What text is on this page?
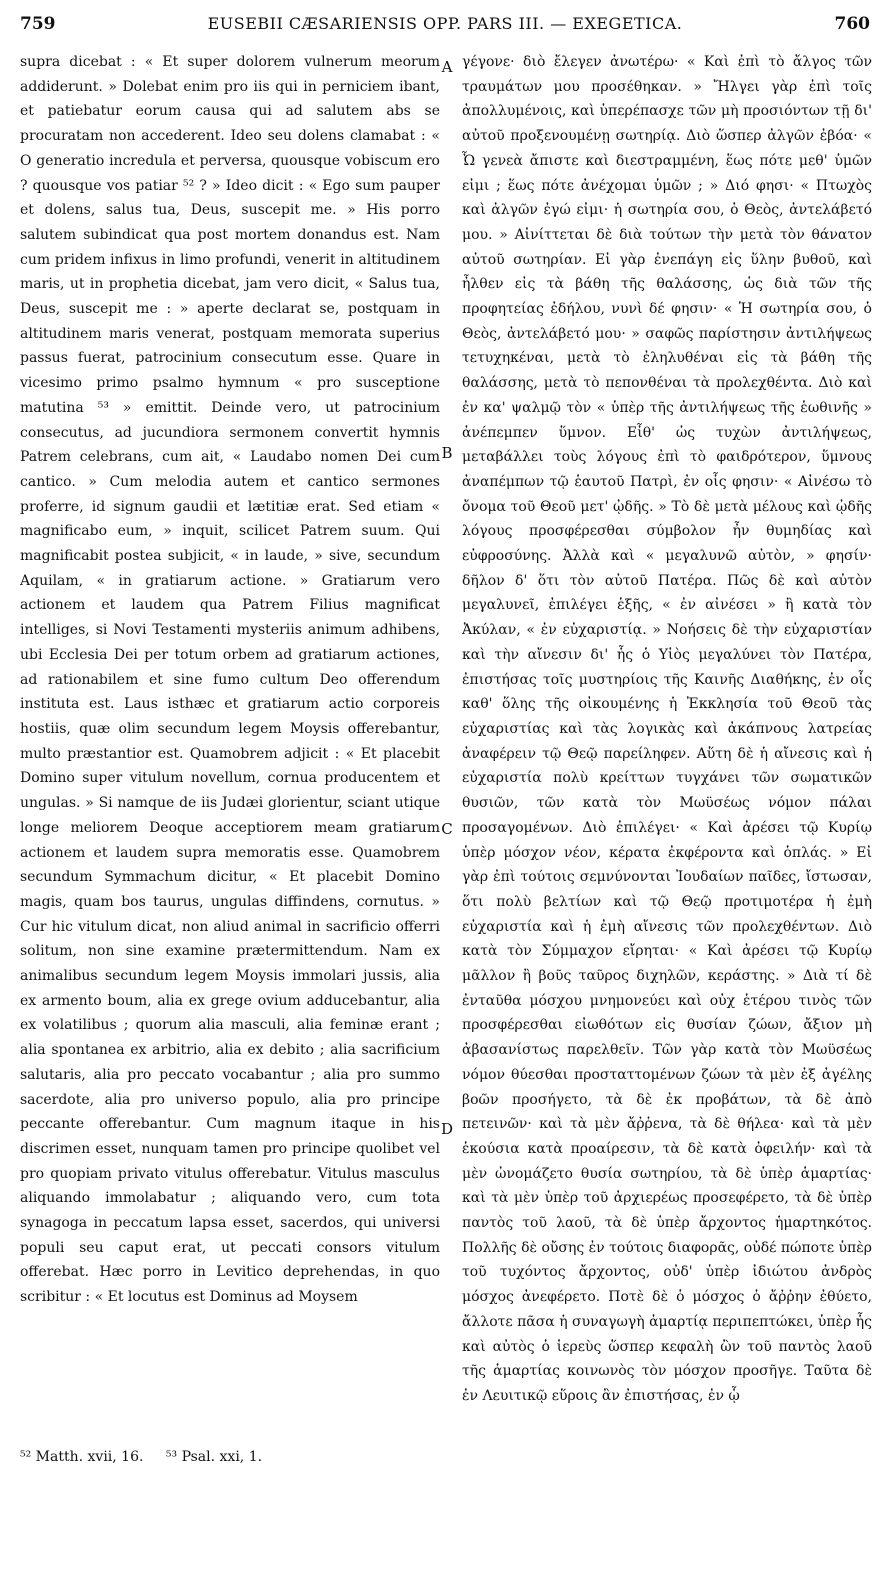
759	EUSEBII CÆSARIENSIS OPP. PARS III. — EXEGETICA.	760

supra dicebat : « Et super dolorem vulnerum meorum addiderunt. » Dolebat enim pro iis qui in perniciem ibant, et patiebatur eorum causa qui ad salutem abs se procuratam non accederent. Ideo seu dolens clamabat : « O generatio incredula et perversa, quousque vobiscum ero ? quousque vos patiar ⁵² ? » Ideo dicit : « Ego sum pauper et dolens, salus tua, Deus, suscepit me. » His porro salutem subindicat qua post mortem donandus est. Nam cum pridem infixus in limo profundi, venerit in altitudinem maris, ut in prophetia dicebat, jam vero dicit, « Salus tua, Deus, suscepit me : » aperte declarat se, postquam in altitudinem maris venerat, postquam memorata superius passus fuerat, patrocinium consecutum esse. Quare in vicesimo primo psalmo hymnum « pro susceptione matutina ⁵³ » emittit. Deinde vero, ut patrocinium consecutus, ad jucundiora sermonem convertit hymnis Patrem celebrans, cum ait, « Laudabo nomen Dei cum cantico. » Cum melodia autem et cantico sermones proferre, id signum gaudii et lætitiæ erat. Sed etiam « magnificabo eum, » inquit, scilicet Patrem suum. Qui magnificabit postea subjicit, « in laude, » sive, secundum Aquilam, « in gratiarum actione. » Gratiarum vero actionem et laudem qua Patrem Filius magnificat intelliges, si Novi Testamenti mysteriis animum adhibens, ubi Ecclesia Dei per totum orbem ad gratiarum actiones, ad rationabilem et sine fumo cultum Deo offerendum instituta est. Laus isthæc et gratiarum actio corporeis hostiis, quæ olim secundum legem Moysis offerebantur, multo præstantior est. Quamobrem adjicit : « Et placebit Domino super vitulum novellum, cornua producentem et ungulas. » Si namque de iis Judæi glorientur, sciant utique longe meliorem Deoque acceptiorem meam gratiarum actionem et laudem supra memoratis esse. Quamobrem secundum Symmachum dicitur, « Et placebit Domino magis, quam bos taurus, ungulas diffindens, cornutus. » Cur hic vitulum dicat, non aliud animal in sacrificio offerri solitum, non sine examine prætermittendum. Nam ex animalibus secundum legem Moysis immolari jussis, alia ex armento boum, alia ex grege ovium adducebantur, alia ex volatilibus ; quorum alia masculi, alia feminæ erant ; alia spontanea ex arbitrio, alia ex debito ; alia sacrificium salutaris, alia pro peccato vocabantur ; alia pro summo sacerdote, alia pro universo populo, alia pro principe peccante offerebantur. Cum magnum itaque in his discrimen esset, nunquam tamen pro principe quolibet vel pro quopiam privato vitulus offerebatur. Vitulus masculus aliquando immolabatur ; aliquando vero, cum tota synagoga in peccatum lapsa esset, sacerdos, qui universi populi seu caput erat, ut peccati consors vitulum offerebat. Hæc porro in Levitico deprehendas, in quo scribitur : « Et locutus est Dominus ad Moysem

A
B
C
D

γέγονε· διὸ ἔλεγεν ἀνωτέρω· « Καὶ ἐπὶ τὸ ἄλγος τῶν τραυμάτων μου προσέθηκαν. » Ἤλγει γὰρ ἐπὶ τοῖς ἀπολλυμένοις, καὶ ὑπερέπασχε τῶν μὴ προσιόντων τῇ δι' αὐτοῦ προξενουμένῃ σωτηρίᾳ. Διὸ ὥσπερ ἀλγῶν ἐβόα· « Ὦ γενεὰ ἄπιστε καὶ διεστραμμένη, ἕως πότε μεθ' ὑμῶν εἰμι ; ἕως πότε ἀνέχομαι ὑμῶν ; » Διό φησι· « Πτωχὸς καὶ ἀλγῶν ἐγώ εἰμι· ἡ σωτηρία σου, ὁ Θεὸς, ἀντελάβετό μου. » Αἰνίττεται δὲ διὰ τούτων τὴν μετὰ τὸν θάνατον αὐτοῦ σωτηρίαν. Εἰ γὰρ ἐνεπάγη εἰς ὕλην βυθοῦ, καὶ ἦλθεν εἰς τὰ βάθη τῆς θαλάσσης, ὡς διὰ τῶν τῆς προφητείας ἐδήλου, νυνὶ δέ φησιν· « Ἡ σωτηρία σου, ὁ Θεὸς, ἀντελάβετό μου· » σαφῶς παρίστησιν ἀντιλήψεως τετυχηκέναι, μετὰ τὸ ἐληλυθέναι εἰς τὰ βάθη τῆς θαλάσσης, μετὰ τὸ πεπονθέναι τὰ προλεχθέντα. Διὸ καὶ ἐν κα' ψαλμῷ τὸν « ὑπὲρ τῆς ἀντιλήψεως τῆς ἑωθινῆς » ἀνέπεμπεν ὕμνον. Εἶθ' ὡς τυχὼν ἀντιλήψεως, μεταβάλλει τοὺς λόγους ἐπὶ τὸ φαιδρότερον, ὕμνους ἀναπέμπων τῷ ἑαυτοῦ Πατρὶ, ἐν οἷς φησιν· « Αἰνέσω τὸ ὄνομα τοῦ Θεοῦ μετ' ᾠδῆς. » Τὸ δὲ μετὰ μέλους καὶ ᾠδῆς λόγους προσφέρεσθαι σύμβολον ἦν θυμηδίας καὶ εὐφροσύνης. Ἀλλὰ καὶ « μεγαλυνῶ αὐτὸν, » φησίν· δῆλον δ' ὅτι τὸν αὐτοῦ Πατέρα. Πῶς δὲ καὶ αὐτὸν μεγαλυνεῖ, ἐπιλέγει ἑξῆς, « ἐν αἰνέσει » ἢ κατὰ τὸν Ἀκύλαν, « ἐν εὐχαριστίᾳ. » Νοήσεις δὲ τὴν εὐχαριστίαν καὶ τὴν αἴνεσιν δι' ἧς ὁ Υἱὸς μεγαλύνει τὸν Πατέρα, ἐπιστήσας τοῖς μυστηρίοις τῆς Καινῆς Διαθήκης, ἐν οἷς καθ' ὅλης τῆς οἰκουμένης ἡ Ἐκκλησία τοῦ Θεοῦ τὰς εὐχαριστίας καὶ τὰς λογικὰς καὶ ἀκάπνους λατρείας ἀναφέρειν τῷ Θεῷ παρείληφεν. Αὕτη δὲ ἡ αἴνεσις καὶ ἡ εὐχαριστία πολὺ κρείττων τυγχάνει τῶν σωματικῶν θυσιῶν, τῶν κατὰ τὸν Μωϋσέως νόμον πάλαι προσαγομένων. Διὸ ἐπιλέγει· « Καὶ ἀρέσει τῷ Κυρίῳ ὑπὲρ μόσχον νέον, κέρατα ἐκφέροντα καὶ ὁπλάς. » Εἰ γὰρ ἐπὶ τούτοις σεμνύνονται Ἰουδαίων παῖδες, ἴστωσαν, ὅτι πολὺ βελτίων καὶ τῷ Θεῷ προτιμοτέρα ἡ ἐμὴ εὐχαριστία καὶ ἡ ἐμὴ αἴνεσις τῶν προλεχθέντων. Διὸ κατὰ τὸν Σύμμαχον εἴρηται· « Καὶ ἀρέσει τῷ Κυρίῳ μᾶλλον ἢ βοῦς ταῦρος διχηλῶν, κεράστης. » Διὰ τί δὲ ἐνταῦθα μόσχου μνημονεύει καὶ οὐχ ἑτέρου τινὸς τῶν προσφέρεσθαι εἰωθότων εἰς θυσίαν ζώων, ἄξιον μὴ ἀβασανίστως παρελθεῖν. Τῶν γὰρ κατὰ τὸν Μωϋσέως νόμον θύεσθαι προσταττομένων ζώων τὰ μὲν ἐξ ἀγέλης βοῶν προσήγετο, τὰ δὲ ἐκ προβάτων, τὰ δὲ ἀπὸ πετεινῶν· καὶ τὰ μὲν ἄῤῥενα, τὰ δὲ θήλεα· καὶ τὰ μὲν ἑκούσια κατὰ προαίρεσιν, τὰ δὲ κατὰ ὀφειλήν· καὶ τὰ μὲν ὠνομάζετο θυσία σωτηρίου, τὰ δὲ ὑπὲρ ἁμαρτίας· καὶ τὰ μὲν ὑπὲρ τοῦ ἀρχιερέως προσεφέρετο, τὰ δὲ ὑπὲρ παντὸς τοῦ λαοῦ, τὰ δὲ ὑπὲρ ἄρχοντος ἡμαρτηκότος. Πολλῆς δὲ οὔσης ἐν τούτοις διαφορᾶς, οὐδέ πώποτε ὑπὲρ τοῦ τυχόντος ἄρχοντος, οὐδ' ὑπὲρ ἰδιώτου ἀνδρὸς μόσχος ἀνεφέρετο. Ποτὲ δὲ ὁ μόσχος ὁ ἄῤῥην ἐθύετο, ἄλλοτε πᾶσα ἡ συναγωγὴ ἁμαρτίᾳ περιπεπτώκει, ὑπὲρ ἧς καὶ αὐτὸς ὁ ἱερεὺς ὥσπερ κεφαλὴ ὢν τοῦ παντὸς λαοῦ τῆς ἁμαρτίας κοινωνὸς τὸν μόσχον προσῆγε. Ταῦτα δὲ ἐν Λευιτικῷ εὕροις ἂν ἐπιστήσας, ἐν ᾧ

⁵² Matth. xvii, 16. ⁵³ Psal. xxi, 1.
